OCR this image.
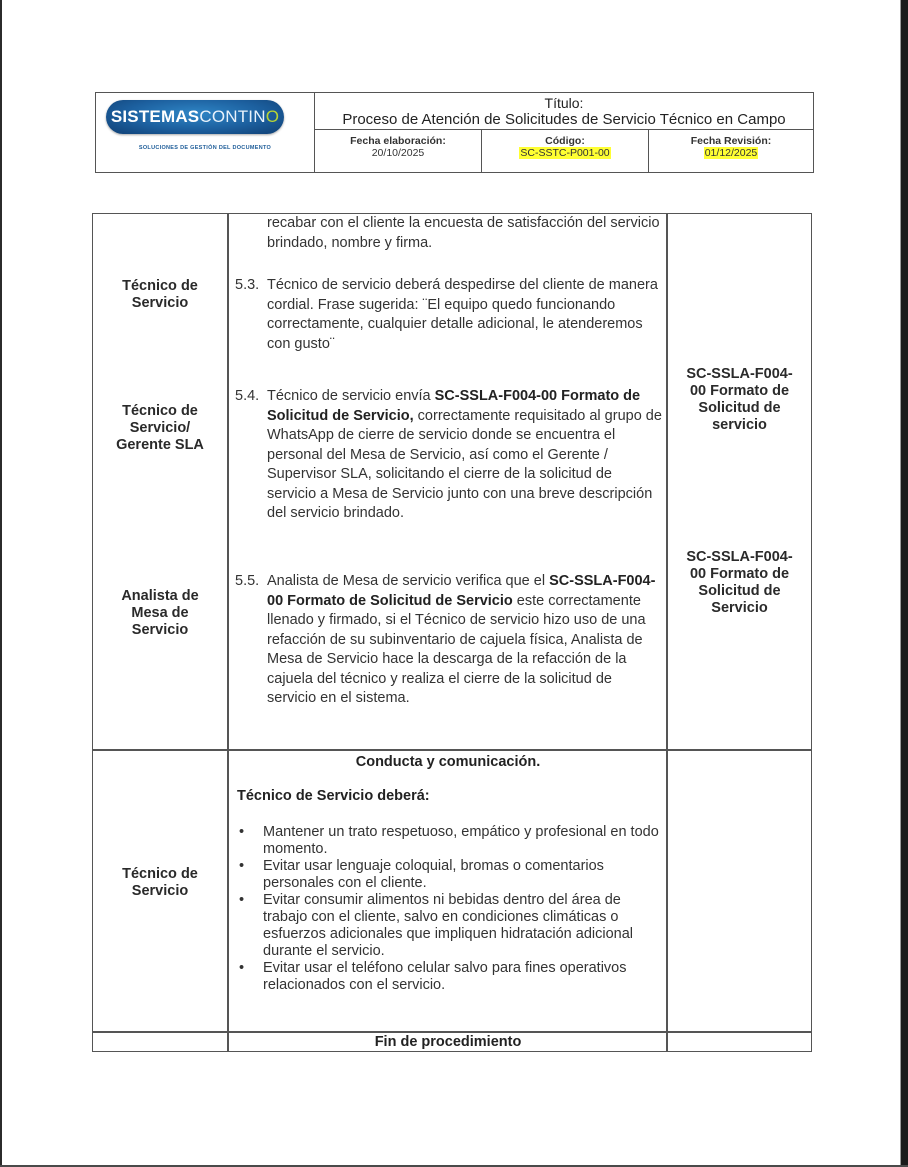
SISTEMAS CONTIN O
SOLUCIONES DE GESTIÓN DEL DOCUMENTO
Título:
Proceso de Atención de Solicitudes de Servicio Técnico en Campo
Fecha elaboración:
20/10/2025
Código:
SC-SSTC-P001-00
Fecha Revisión:
01/12/2025
recabar con el cliente la encuesta de satisfacción del servicio brindado, nombre y firma.
Técnico de
Servicio
5.3. Técnico de servicio deberá despedirse del cliente de manera cordial. Frase sugerida: ¨El equipo quedo funcionando correctamente, cualquier detalle adicional, le atenderemos con gusto¨
Técnico de
Servicio/
Gerente SLA
5.4. Técnico de servicio envía SC-SSLA-F004-00 Formato de Solicitud de Servicio, correctamente requisitado al grupo de WhatsApp de cierre de servicio donde se encuentra el personal del Mesa de Servicio, así como el Gerente / Supervisor SLA, solicitando el cierre de la solicitud de servicio a Mesa de Servicio junto con una breve descripción del servicio brindado.
SC-SSLA-F004-
00 Formato de
Solicitud de
servicio
Analista de
Mesa de
Servicio
5.5. Analista de Mesa de servicio verifica que el SC-SSLA-F004-00 Formato de Solicitud de Servicio este correctamente llenado y firmado, si el Técnico de servicio hizo uso de una refacción de su subinventario de cajuela física, Analista de Mesa de Servicio hace la descarga de la refacción de la cajuela del técnico y realiza el cierre de la solicitud de servicio en el sistema.
SC-SSLA-F004-
00 Formato de
Solicitud de
Servicio
Conducta y comunicación.
Técnico de Servicio deberá:
Técnico de
Servicio
• Mantener un trato respetuoso, empático y profesional en todo momento.
• Evitar usar lenguaje coloquial, bromas o comentarios personales con el cliente.
• Evitar consumir alimentos ni bebidas dentro del área de trabajo con el cliente, salvo en condiciones climáticas o esfuerzos adicionales que impliquen hidratación adicional durante el servicio.
• Evitar usar el teléfono celular salvo para fines operativos relacionados con el servicio.
Fin de procedimiento
